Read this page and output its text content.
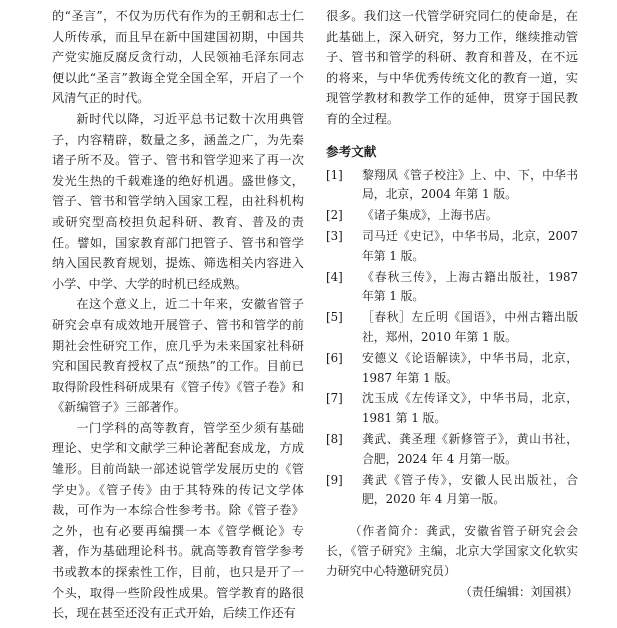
的“圣言”，不仅为历代有作为的王朝和志士仁人所传承，而且早在新中国建国初期，中国共产党实施反腐反贪行动，人民领袖毛泽东同志便以此“圣言”教诲全党全国全军，开启了一个风清气正的时代。

新时代以降，习近平总书记数十次用典管子，内容精辟，数量之多，涵盖之广，为先秦诸子所不及。管子、管书和管学迎来了再一次发光生热的千载难逢的绝好机遇。盛世修文，管子、管书和管学纳入国家工程，由社科机构或研究型高校担负起科研、教育、普及的责任。譬如，国家教育部门把管子、管书和管学纳入国民教育规划，提炼、筛选相关内容进入小学、中学、大学的时机已经成熟。

在这个意义上，近二十年来，安徽省管子研究会卓有成效地开展管子、管书和管学的前期社会性研究工作，庶几乎为未来国家社科研究和国民教育授权了点“预热”的工作。目前已取得阶段性科研成果有《管子传》《管子卷》和《新编管子》三部著作。

一门学科的高等教育，管学至少须有基础理论、史学和文献学三种论著配套成龙，方成雏形。目前尚缺一部述说管学发展历史的《管学史》。《管子传》由于其特殊的传记文学体裁，可作为一本综合性参考书。除《管子卷》之外，也有必要再编撰一本《管学概论》专著，作为基础理论科书。就高等教育管学参考书或教本的探索性工作，目前，也只是开了一个头，取得一些阶段性成果。管学教育的路很长，现在甚至还没有正式开始，后续工作还有

很多。我们这一代管学研究同仁的使命是，在此基础上，深入研究，努力工作，继续推动管子、管书和管学的科研、教育和普及，在不远的将来，与中华优秀传统文化的教育一道，实现管学教材和教学工作的延伸，贯穿于国民教育的全过程。

参考文献
[1] 黎翔凤《管子校注》上、中、下，中华书局，北京，2004 年第 1 版。
[2] 《诸子集成》，上海书店。
[3] 司马迁《史记》，中华书局，北京，2007 年第 1 版。
[4] 《春秋三传》，上海古籍出版社，1987 年第 1 版。
[5] ［春秋］左丘明《国语》，中州古籍出版社，郑州，2010 年第 1 版。
[6] 安德义《论语解读》，中华书局，北京，1987 年第 1 版。
[7] 沈玉成《左传译文》，中华书局，北京，1981 第 1 版。
[8] 龚武、龚圣理《新修管子》，黄山书社，合肥，2024 年 4 月第一版。
[9] 龚武《管子传》，安徽人民出版社，合肥，2020 年 4 月第一版。

（作者简介：龚武，安徽省管子研究会会长，《管子研究》主编，北京大学国家文化软实力研究中心特邀研究员）

（责任编辑：刘国祺）
